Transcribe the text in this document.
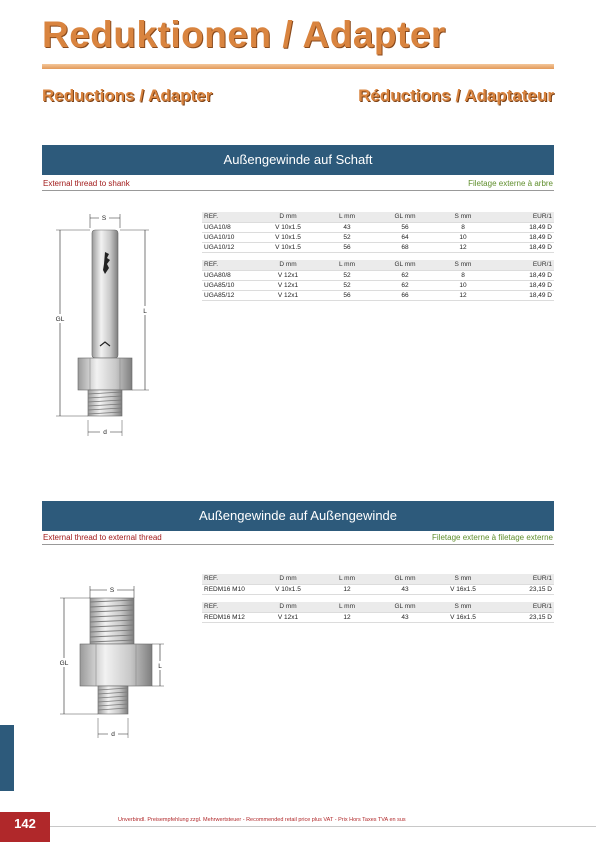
Reduktionen / Adapter
Reductions / Adapter	Réductions / Adaptateur
Außengewinde auf Schaft
External thread to shank	Filetage externe à arbre
S
GL
L
d
REF.	D mm	L mm	GL mm	S mm	EUR/1
UGA10/8	V 10x1.5	43	56	8	18,49 D
UGA10/10	V 10x1.5	52	64	10	18,49 D
UGA10/12	V 10x1.5	56	68	12	18,49 D

REF.	D mm	L mm	GL mm	S mm	EUR/1
UGA80/8	V 12x1	52	62	8	18,49 D
UGA85/10	V 12x1	52	62	10	18,49 D
UGA85/12	V 12x1	56	66	12	18,49 D
Außengewinde auf Außengewinde
External thread to external thread	Filetage externe à filetage externe
S
GL	L
d
REF.	D mm	L mm	GL mm	S mm	EUR/1
REDM16 M10	V 10x1.5	12	43	V 16x1.5	23,15 D

REF.	D mm	L mm	GL mm	S mm	EUR/1
REDM16 M12	V 12x1	12	43	V 16x1.5	23,15 D
142	Unverbindl. Preisempfehlung zzgl. Mehrwertsteuer - Recommended retail price plus VAT - Prix Hors Taxes TVA en sus
